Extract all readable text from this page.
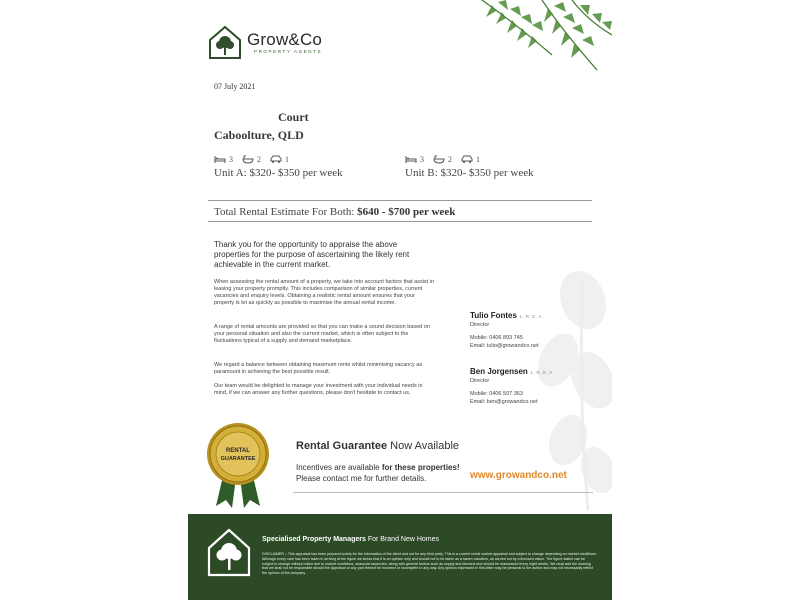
Grow&Co
PROPERTY AGENTS
07 July 2021
Court
Caboolture, QLD
3	2	1
Unit A: $320- $350 per week
3	2	1
Unit B: $320- $350 per week
Total Rental Estimate For Both: $640 - $700 per week
Thank you for the opportunity to appraise the above properties for the purpose of ascertaining the likely rent achievable in the current market.
When assessing the rental amount of a property, we take into account factors that assist in leasing your property promptly. This includes comparison of similar properties, current vacancies and enquiry levels. Obtaining a realistic rental amount ensures that your property is let as quickly as possible to maximise the annual rental income.
A range of rental amounts are provided so that you can make a sound decision based on your personal situation and also the current market, which is often subject to the fluctuations typical of a supply and demand marketplace.
We regard a balance between obtaining maximum rents whilst minimising vacancy as paramount in achieving the best possible result.
Our team would be delighted to manage your investment with your individual needs in mind, if we can answer any further questions, please don't hesitate to contact us.
Tulio Fontes L.R.E.A
Director
Mobile: 0406 893 745
Email: tulio@growandco.net
Ben Jorgensen L.R.E.A
Director
Mobile: 0406 507 363
Email: ben@growandco.net
RENTAL
GUARANTEE
Rental Guarantee Now Available
Incentives are available for these properties!
Please contact me for further details.	www.growandco.net
Specialised Property Managers For Brand New Homes
DISCLAIMER – This appraisal has been prepared solely for the information of the client and not for any third party. This is a current rental market appraisal and subject to change depending on market conditions. Although every care has been taken in arriving at the figure we stress that it is an opinion only and should not to be taken as a sworn valuation, as carried out by a licensed valuer. The figure stated can be subject to change without notice due to market conditions, seasonal vacancies, along with general factors such as supply and demand and should be reassessed every eight weeks. We must add the warning that we shall not be responsible should the Appraisal or any part thereof be incorrect or incomplete in any way. Any opinion expressed in this letter may be personal to the author and may not necessarily reflect the opinion of the company.
